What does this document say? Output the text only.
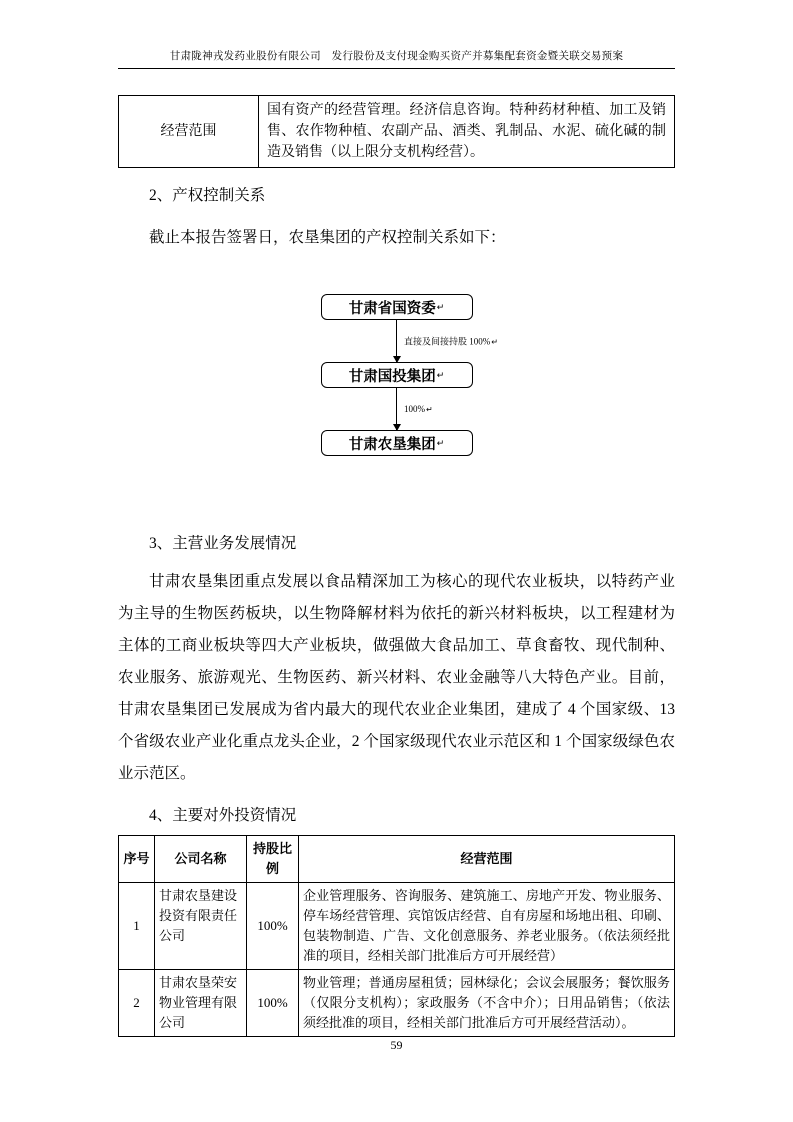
甘肃陇神戎发药业股份有限公司　发行股份及支付现金购买资产并募集配套资金暨关联交易预案
经营范围	国有资产的经营管理。经济信息咨询。特种药材种植、加工及销售、农作物种植、农副产品、酒类、乳制品、水泥、硫化碱的制造及销售（以上限分支机构经营）。
2、产权控制关系
截止本报告签署日，农垦集团的产权控制关系如下：
甘肃省国资委 ↵
直接及间接持股 100%↵
甘肃国投集团 ↵
100%↵
甘肃农垦集团 ↵
3、主营业务发展情况
甘肃农垦集团重点发展以食品精深加工为核心的现代农业板块，以特药产业为主导的生物医药板块，以生物降解材料为依托的新兴材料板块，以工程建材为主体的工商业板块等四大产业板块，做强做大食品加工、草食畜牧、现代制种、农业服务、旅游观光、生物医药、新兴材料、农业金融等八大特色产业。目前，甘肃农垦集团已发展成为省内最大的现代农业企业集团，建成了 4 个国家级、13个省级农业产业化重点龙头企业，2 个国家级现代农业示范区和 1 个国家级绿色农业示范区。
4、主要对外投资情况
序号	公司名称	持股比例	经营范围
1	甘肃农垦建设投资有限责任公司	100%	企业管理服务、咨询服务、建筑施工、房地产开发、物业服务、停车场经营管理、宾馆饭店经营、自有房屋和场地出租、印刷、包装物制造、广告、文化创意服务、养老业服务。（依法须经批准的项目，经相关部门批准后方可开展经营）
2	甘肃农垦荣安物业管理有限公司	100%	物业管理；普通房屋租赁；园林绿化；会议会展服务；餐饮服务（仅限分支机构）；家政服务（不含中介）；日用品销售；（依法须经批准的项目，经相关部门批准后方可开展经营活动）。
59
